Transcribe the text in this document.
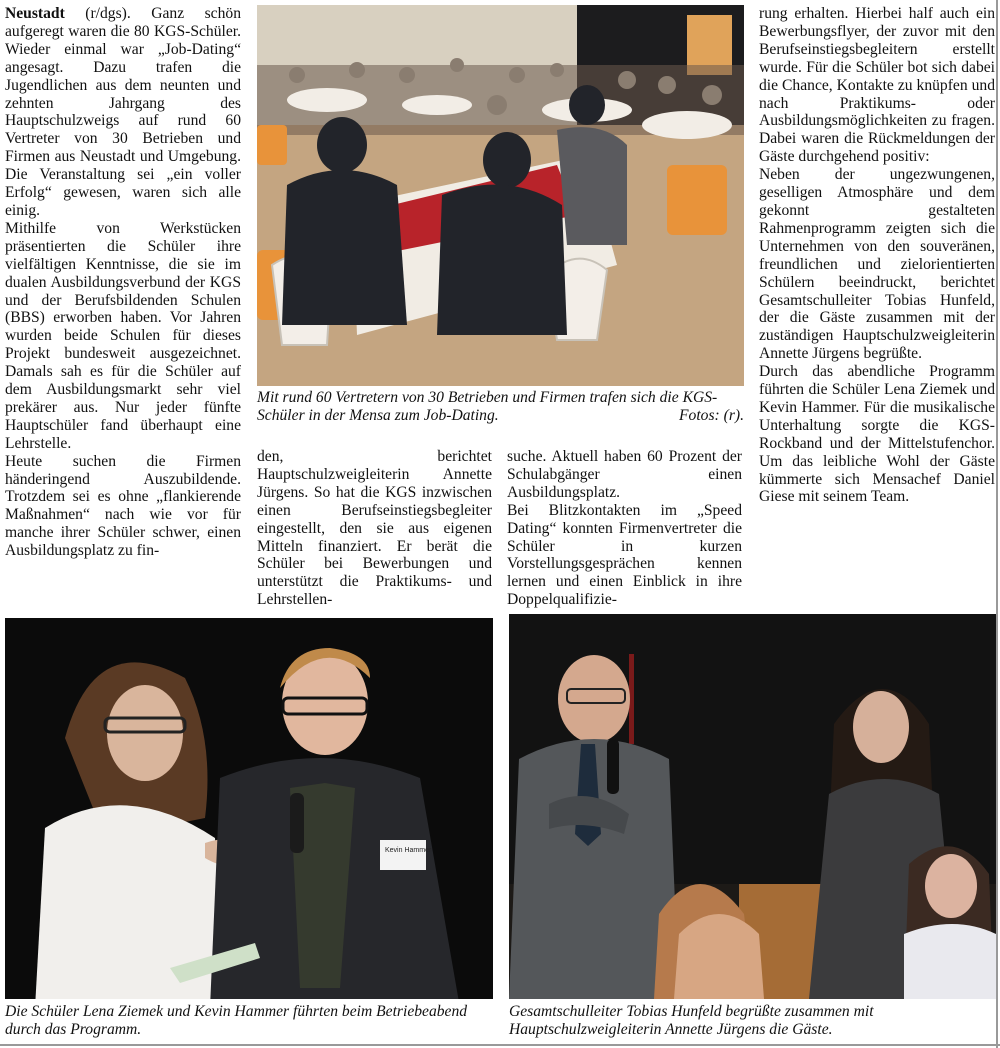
Neustadt (r/dgs). Ganz schön aufgeregt waren die 80 KGS-Schüler. Wieder einmal war „Job-Dating“ angesagt. Dazu trafen die Jugendlichen aus dem neunten und zehnten Jahrgang des Hauptschulzweigs auf rund 60 Vertreter von 30 Betrieben und Firmen aus Neustadt und Umgebung. Die Veranstaltung sei „ein voller Erfolg“ gewesen, waren sich alle einig.

Mithilfe von Werkstücken präsentierten die Schüler ihre vielfältigen Kenntnisse, die sie im dualen Ausbildungsverbund der KGS und der Berufsbildenden Schulen (BBS) erworben haben. Vor Jahren wurden beide Schulen für dieses Projekt bundesweit ausgezeichnet. Damals sah es für die Schüler auf dem Ausbildungsmarkt sehr viel prekärer aus. Nur jeder fünfte Hauptschüler fand überhaupt eine Lehrstelle.

Heute suchen die Firmen händeringend Auszubildende. Trotzdem sei es ohne „flankierende Maßnahmen“ nach wie vor für manche ihrer Schüler schwer, einen Ausbildungsplatz zu fin-

Mit rund 60 Vertretern von 30 Betrieben und Firmen trafen sich die KGS-Schüler in der Mensa zum Job-Dating.	Fotos: (r).

den, berichtet Hauptschulzweigleiterin Annette Jürgens. So hat die KGS inzwischen einen Berufseinstiegsbegleiter eingestellt, den sie aus eigenen Mitteln finanziert. Er berät die Schüler bei Bewerbungen und unterstützt die Praktikums- und Lehrstellen-

suche. Aktuell haben 60 Prozent der Schulabgänger einen Ausbildungsplatz.

Bei Blitzkontakten im „Speed Dating“ konnten Firmenvertreter die Schüler in kurzen Vorstellungsgesprächen kennen lernen und einen Einblick in ihre Doppelqualifizie-

rung erhalten. Hierbei half auch ein Bewerbungsflyer, der zuvor mit den Berufseinstiegsbegleitern erstellt wurde. Für die Schüler bot sich dabei die Chance, Kontakte zu knüpfen und nach Praktikums- oder Ausbildungsmöglichkeiten zu fragen. Dabei waren die Rückmeldungen der Gäste durchgehend positiv:

Neben der ungezwungenen, geselligen Atmosphäre und dem gekonnt gestalteten Rahmenprogramm zeigten sich die Unternehmen von den souveränen, freundlichen und zielorientierten Schülern beeindruckt, berichtet Gesamtschulleiter Tobias Hunfeld, der die Gäste zusammen mit der zuständigen Hauptschulzweigleiterin Annette Jürgens begrüßte.

Durch das abendliche Programm führten die Schüler Lena Ziemek und Kevin Hammer. Für die musikalische Unterhaltung sorgte die KGS-Rockband und der Mittelstufenchor. Um das leibliche Wohl der Gäste kümmerte sich Mensachef Daniel Giese mit seinem Team.

Kevin Hammer
Die Schüler Lena Ziemek und Kevin Hammer führten beim Betriebeabend durch das Programm.
Gesamtschulleiter Tobias Hunfeld begrüßte zusammen mit Hauptschulzweigleiterin Annette Jürgens die Gäste.
